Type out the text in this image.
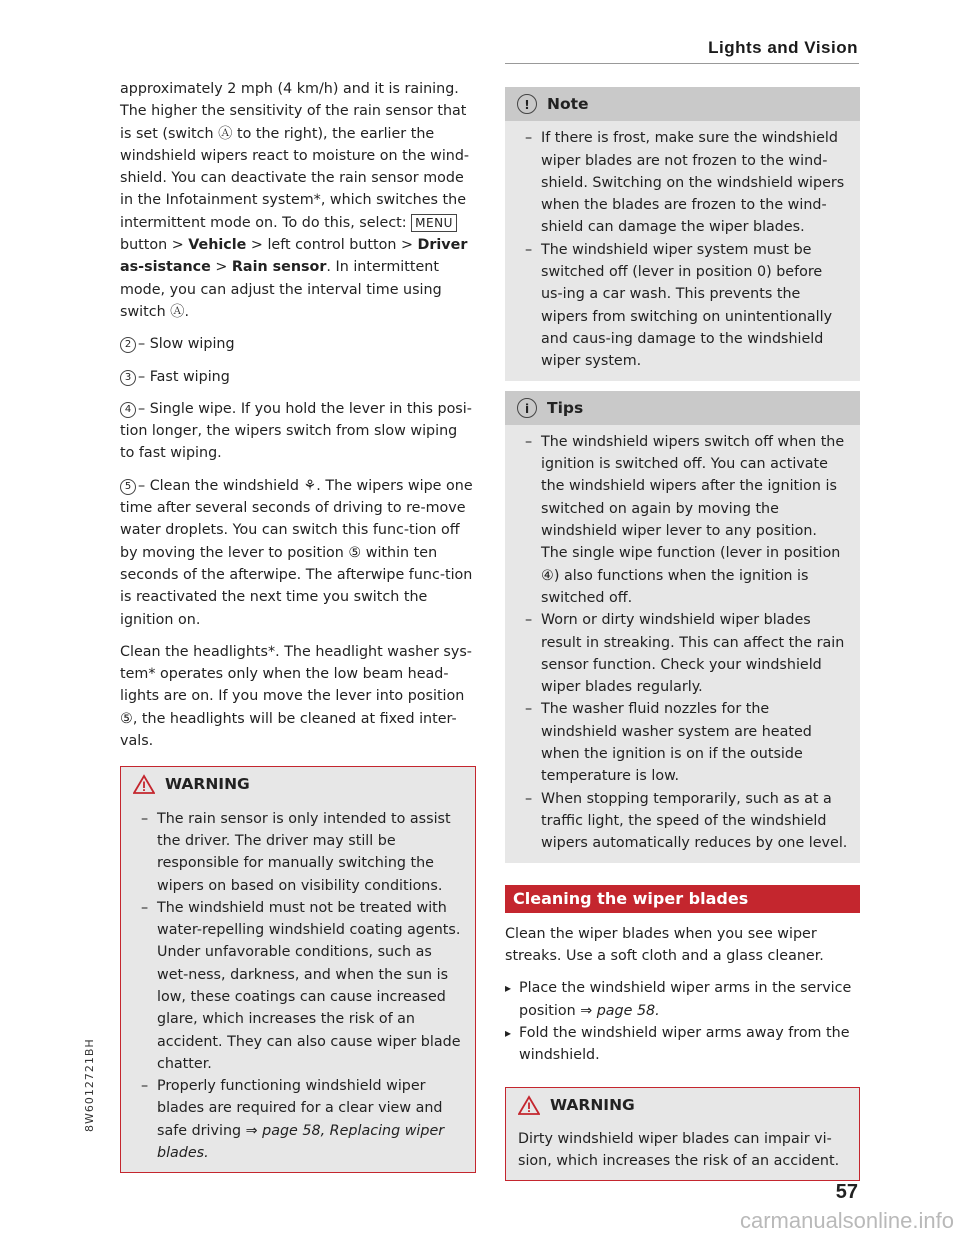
Lights and Vision

approximately 2 mph (4 km/h) and it is raining. The higher the sensitivity of the rain sensor that is set (switch Ⓐ to the right), the earlier the windshield wipers react to moisture on the wind-shield. You can deactivate the rain sensor mode in the Infotainment system*, which switches the intermittent mode on. To do this, select: MENU button > Vehicle > left control button > Driver as-sistance > Rain sensor. In intermittent mode, you can adjust the interval time using switch Ⓐ.

2 – Slow wiping

3 – Fast wiping

4 – Single wipe. If you hold the lever in this posi-tion longer, the wipers switch from slow wiping to fast wiping.

5 – Clean the windshield ⚘. The wipers wipe one time after several seconds of driving to re-move water droplets. You can switch this func-tion off by moving the lever to position ⑤ within ten seconds of the afterwipe. The afterwipe func-tion is reactivated the next time you switch the ignition on.

Clean the headlights*. The headlight washer sys-tem* operates only when the low beam head-lights are on. If you move the lever into position ⑤, the headlights will be cleaned at fixed inter-vals.

WARNING
– The rain sensor is only intended to assist the driver. The driver may still be responsible for manually switching the wipers on based on visibility conditions.
– The windshield must not be treated with water-repelling windshield coating agents. Under unfavorable conditions, such as wet-ness, darkness, and when the sun is low, these coatings can cause increased glare, which increases the risk of an accident. They can also cause wiper blade chatter.
– Properly functioning windshield wiper blades are required for a clear view and safe driving ⇒ page 58, Replacing wiper blades.
!	Note
– If there is frost, make sure the windshield wiper blades are not frozen to the wind-shield. Switching on the windshield wipers when the blades are frozen to the wind-shield can damage the wiper blades.
– The windshield wiper system must be switched off (lever in position 0) before us-ing a car wash. This prevents the wipers from switching on unintentionally and caus-ing damage to the windshield wiper system.
i	Tips
– The windshield wipers switch off when the ignition is switched off. You can activate the windshield wipers after the ignition is switched on again by moving the windshield wiper lever to any position. The single wipe function (lever in position ④) also functions when the ignition is switched off.
– Worn or dirty windshield wiper blades result in streaking. This can affect the rain sensor function. Check your windshield wiper blades regularly.
– The washer fluid nozzles for the windshield washer system are heated when the ignition is on if the outside temperature is low.
– When stopping temporarily, such as at a traffic light, the speed of the windshield wipers automatically reduces by one level.
Cleaning the wiper blades

Clean the wiper blades when you see wiper streaks. Use a soft cloth and a glass cleaner.

▸ Place the windshield wiper arms in the service position ⇒ page 58.
▸ Fold the windshield wiper arms away from the windshield.
WARNING
Dirty windshield wiper blades can impair vi-sion, which increases the risk of an accident.
8W6012721BH
57
carmanualsonline.info
